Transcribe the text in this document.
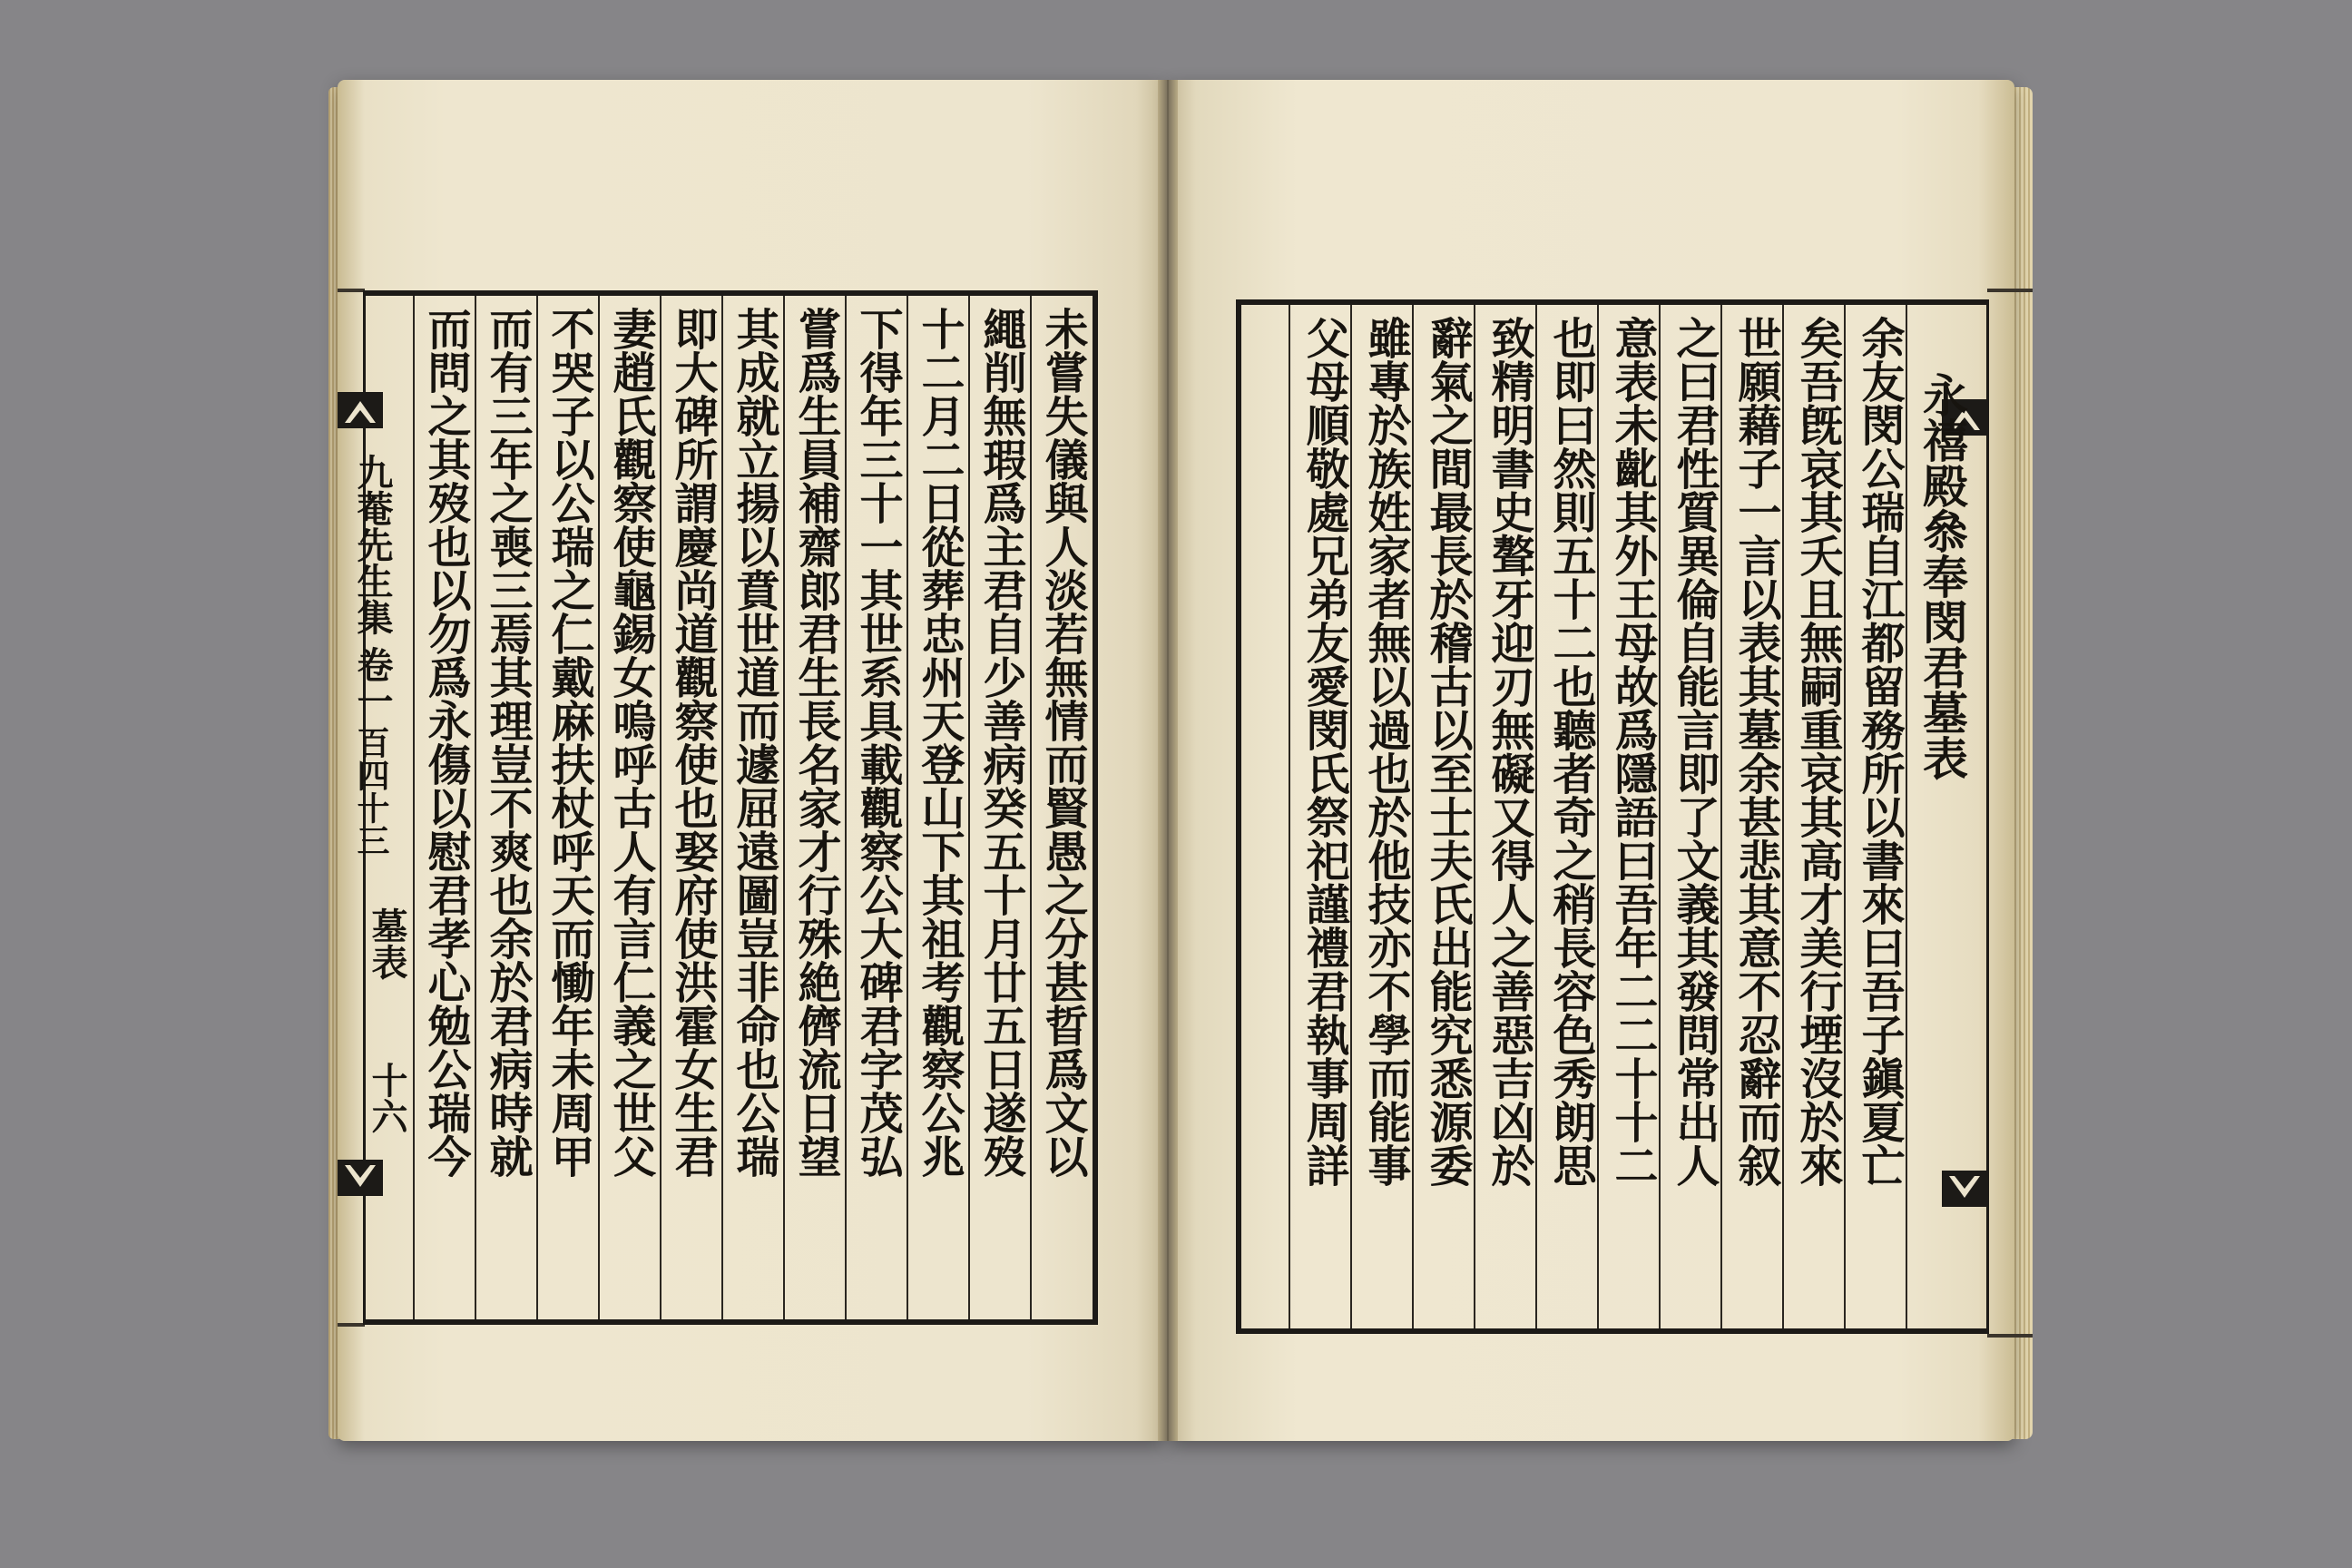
九菴先生集
卷一
百四十三
墓表
十六	未嘗失儀與人淡若無情而賢愚之分甚晢爲文以
繩削無瑕爲主君自少善病癸五十月廿五日遂歿
十二月二日從葬忠州天登山下其祖考觀察公兆
下得年三十一其世系具載觀察公大碑君字茂弘
嘗爲生員補齋郎君生長名家才行殊絶儕流日望
其成就立揚以賁世道而遽屈遠圖豈非命也公瑞
即大碑所謂慶尚道觀察使也娶府使洪霍女生君
妻趙氏觀察使龜錫女嗚呼古人有言仁義之世父
不哭子以公瑞之仁戴麻扶杖呼天而慟年未周甲
而有三年之喪三焉其理豈不爽也余於君病時就
而問之其歿也以勿爲永傷以慰君孝心勉公瑞今	永禧殿叅奉閔君墓表
余友閔公瑞自江都留務所以書來曰吾子鎭夏亡
矣吾旣哀其夭且無嗣重哀其高才美行堙沒於來
世願藉子一言以表其墓余甚悲其意不忍辭而叙
之曰君性質異倫自能言即了文義其發問常出人
意表未齔其外王母故爲隱語曰吾年二二十十二
也即曰然則五十二也聽者奇之稍長容色秀朗思
致精明書史聱牙迎刃無礙又得人之善惡吉凶於
辭氣之間最長於稽古以至士夫氏出能究悉源委
雖專於族姓家者無以過也於他技亦不學而能事
父母順敬處兄弟友愛閔氏祭祀謹禮君執事周詳
